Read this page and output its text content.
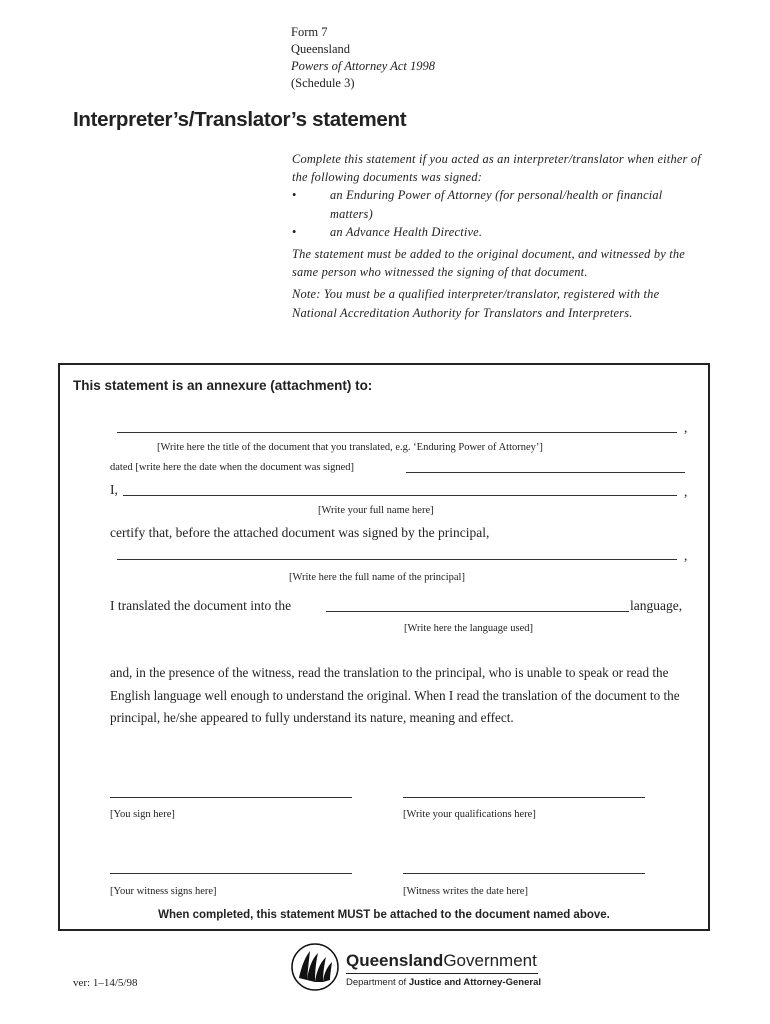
Form 7
Queensland
Powers of Attorney Act 1998
(Schedule 3)
Interpreter’s/Translator’s statement

Complete this statement if you acted as an interpreter/translator when either of the following documents was signed:

•	an Enduring Power of Attorney (for personal/health or financial matters)
•	an Advance Health Directive.

The statement must be added to the original document, and witnessed by the same person who witnessed the signing of that document.

Note: You must be a qualified interpreter/translator, registered with the National Accreditation Authority for Translators and Interpreters.

This statement is an annexure (attachment) to:
,
[Write here the title of the document that you translated, e.g. ‘Enduring Power of Attorney’]
dated [write here the date when the document was signed]
I,	,
[Write your full name here]
certify that, before the attached document was signed by the principal,
,
[Write here the full name of the principal]
I translated the document into the	language,
[Write here the language used]
and, in the presence of the witness, read the translation to the principal, who is unable to speak or read the English language well enough to understand the original. When I read the translation of the document to the principal, he/she appeared to fully understand its nature, meaning and effect.
[You sign here]	[Write your qualifications here]
[Your witness signs here]	[Witness writes the date here]
When completed, this statement MUST be attached to the document named above.
ver: 1–14/5/98
QueenslandGovernment
Department of Justice and Attorney-General
